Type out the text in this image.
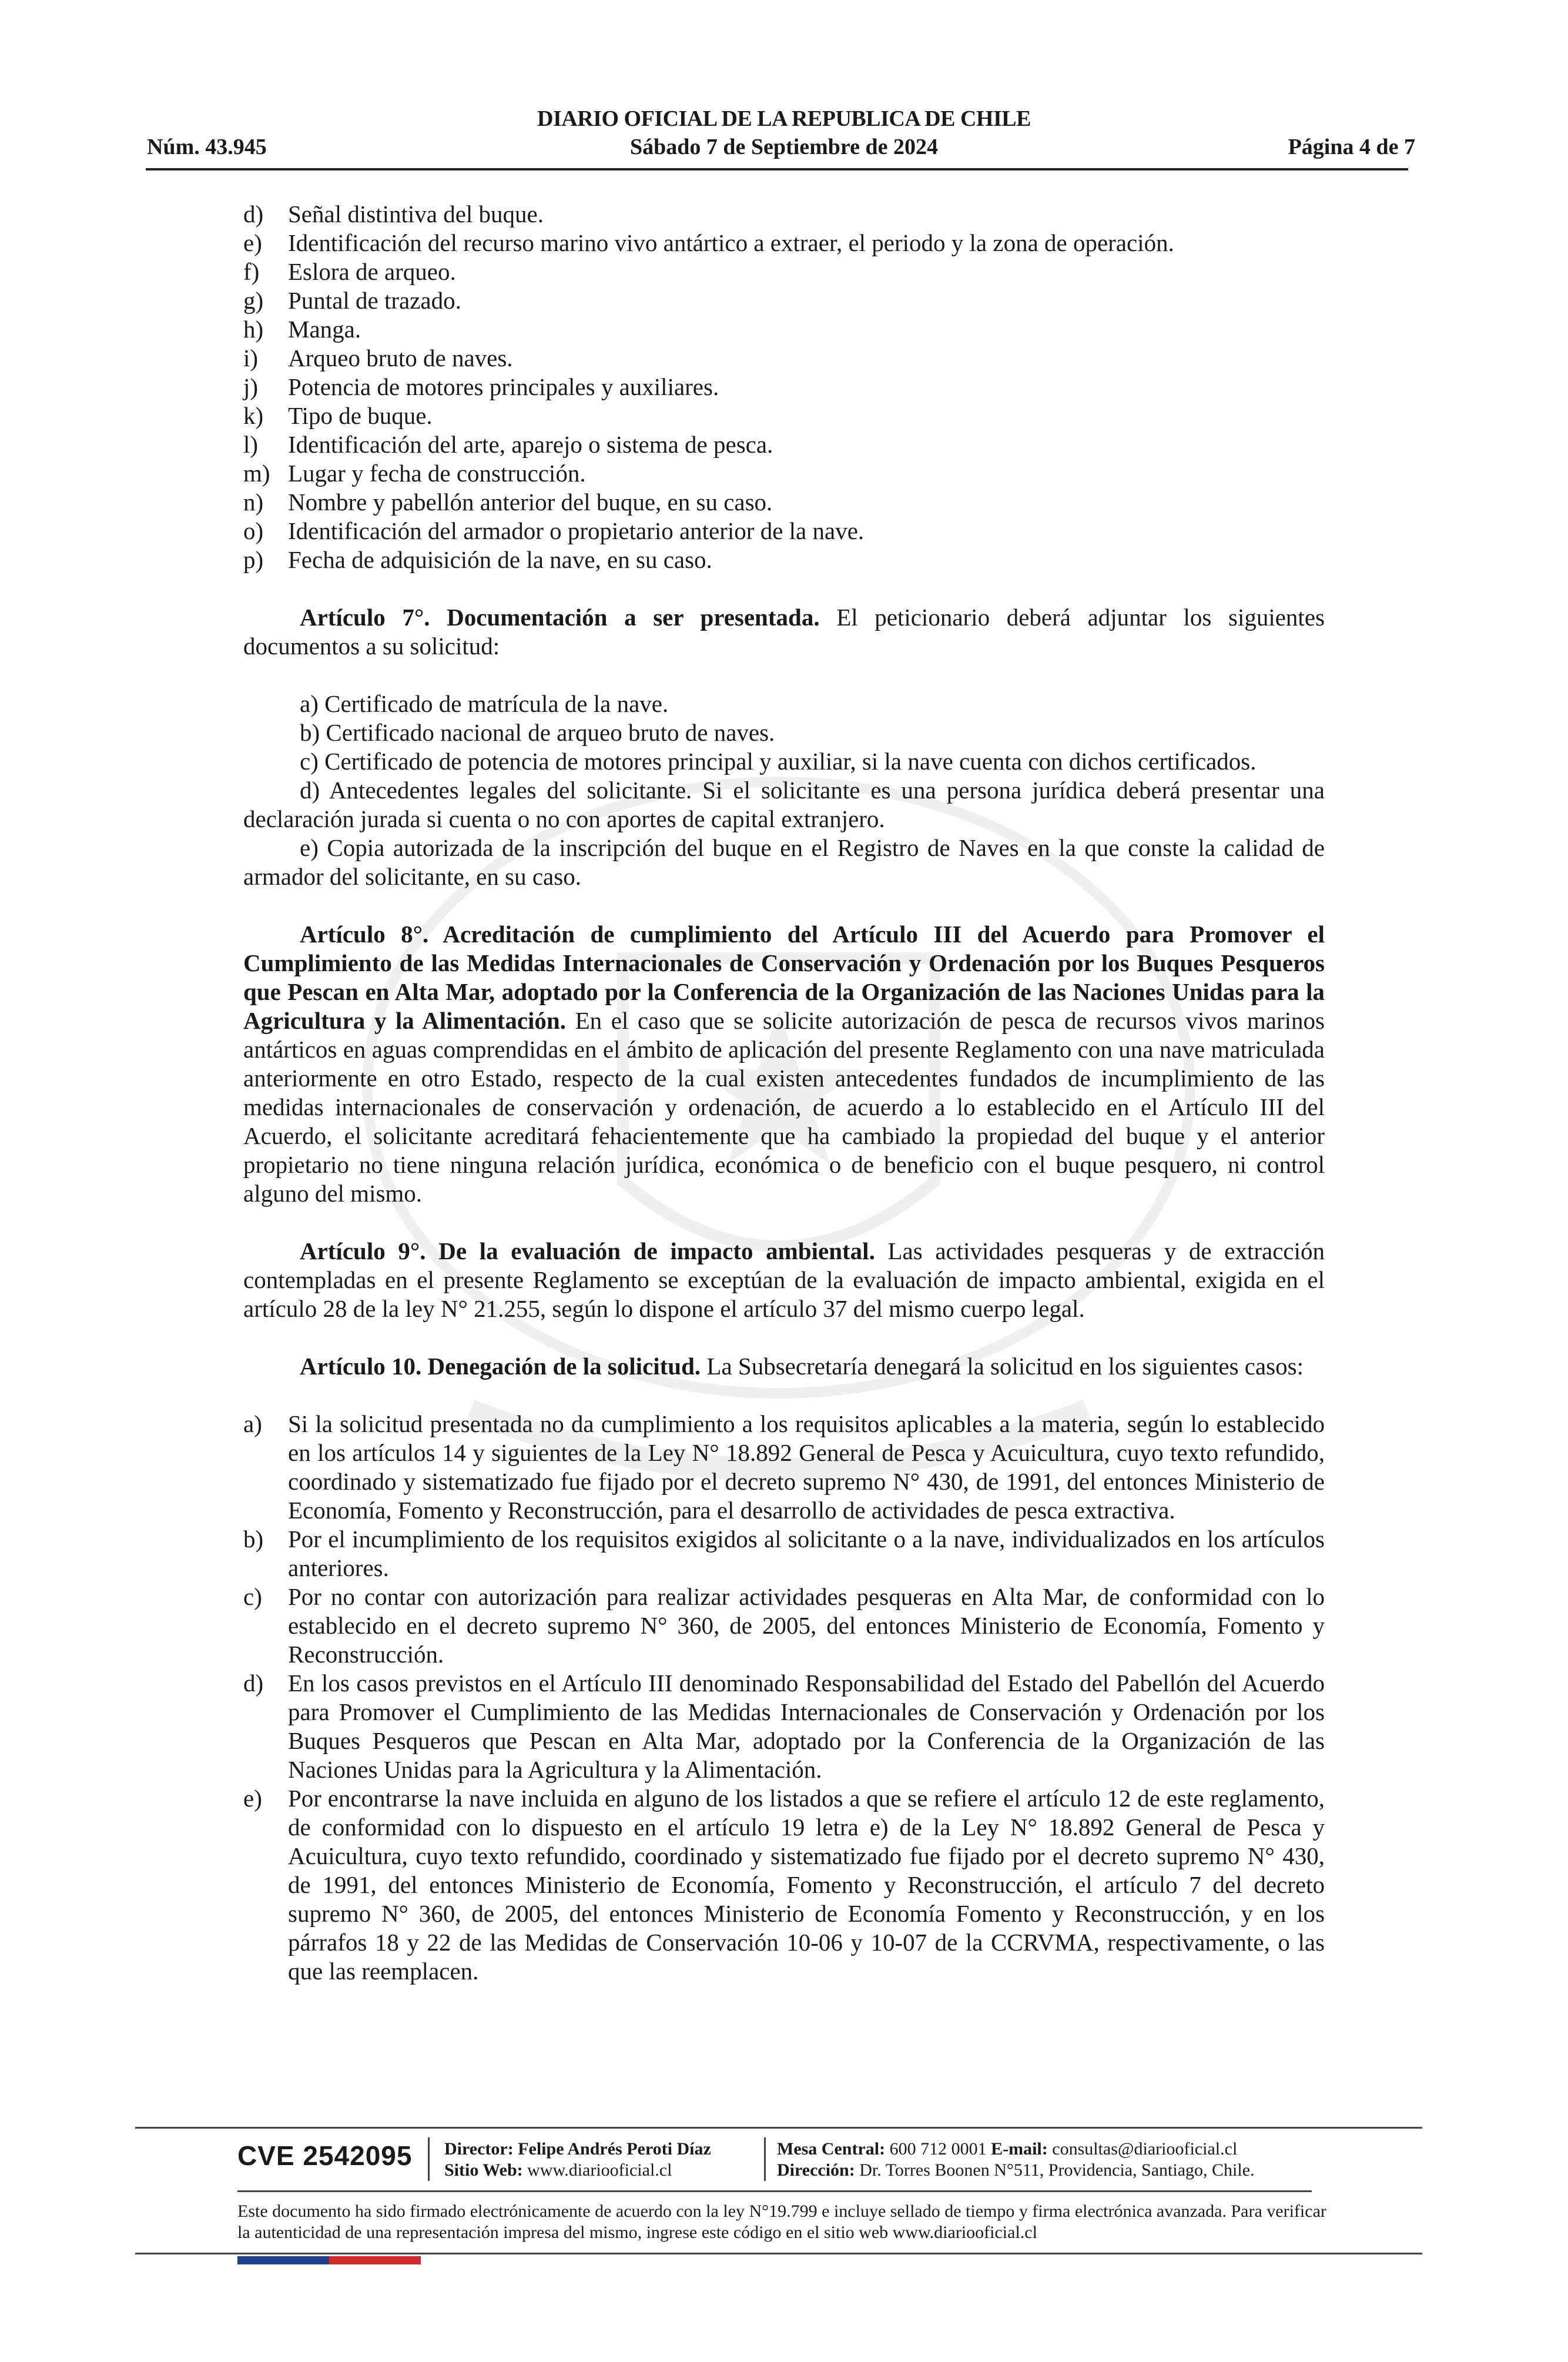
DIARIO OFICIAL DE LA REPUBLICA DE CHILE
Núm. 43.945	Sábado 7 de Septiembre de 2024	Página 4 de 7
d)	Señal distintiva del buque.
e)	Identificación del recurso marino vivo antártico a extraer, el periodo y la zona de operación.
f)	Eslora de arqueo.
g)	Puntal de trazado.
h)	Manga.
i)	Arqueo bruto de naves.
j)	Potencia de motores principales y auxiliares.
k)	Tipo de buque.
l)	Identificación del arte, aparejo o sistema de pesca.
m) Lugar y fecha de construcción.
n)	Nombre y pabellón anterior del buque, en su caso.
o)	Identificación del armador o propietario anterior de la nave.
p)	Fecha de adquisición de la nave, en su caso.
Artículo 7°. Documentación a ser presentada. El peticionario deberá adjuntar los siguientes documentos a su solicitud:
a) Certificado de matrícula de la nave.
b) Certificado nacional de arqueo bruto de naves.
c) Certificado de potencia de motores principal y auxiliar, si la nave cuenta con dichos certificados.
d) Antecedentes legales del solicitante. Si el solicitante es una persona jurídica deberá presentar una declaración jurada si cuenta o no con aportes de capital extranjero.
e) Copia autorizada de la inscripción del buque en el Registro de Naves en la que conste la calidad de armador del solicitante, en su caso.
Artículo 8°. Acreditación de cumplimiento del Artículo III del Acuerdo para Promover el Cumplimiento de las Medidas Internacionales de Conservación y Ordenación por los Buques Pesqueros que Pescan en Alta Mar, adoptado por la Conferencia de la Organización de las Naciones Unidas para la Agricultura y la Alimentación. En el caso que se solicite autorización de pesca de recursos vivos marinos antárticos en aguas comprendidas en el ámbito de aplicación del presente Reglamento con una nave matriculada anteriormente en otro Estado, respecto de la cual existen antecedentes fundados de incumplimiento de las medidas internacionales de conservación y ordenación, de acuerdo a lo establecido en el Artículo III del Acuerdo, el solicitante acreditará fehacientemente que ha cambiado la propiedad del buque y el anterior propietario no tiene ninguna relación jurídica, económica o de beneficio con el buque pesquero, ni control alguno del mismo.
Artículo 9°. De la evaluación de impacto ambiental. Las actividades pesqueras y de extracción contempladas en el presente Reglamento se exceptúan de la evaluación de impacto ambiental, exigida en el artículo 28 de la ley N° 21.255, según lo dispone el artículo 37 del mismo cuerpo legal.
Artículo 10. Denegación de la solicitud. La Subsecretaría denegará la solicitud en los siguientes casos:
a)	Si la solicitud presentada no da cumplimiento a los requisitos aplicables a la materia, según lo establecido en los artículos 14 y siguientes de la Ley N° 18.892 General de Pesca y Acuicultura, cuyo texto refundido, coordinado y sistematizado fue fijado por el decreto supremo N° 430, de 1991, del entonces Ministerio de Economía, Fomento y Reconstrucción, para el desarrollo de actividades de pesca extractiva.
b)	Por el incumplimiento de los requisitos exigidos al solicitante o a la nave, individualizados en los artículos anteriores.
c)	Por no contar con autorización para realizar actividades pesqueras en Alta Mar, de conformidad con lo establecido en el decreto supremo N° 360, de 2005, del entonces Ministerio de Economía, Fomento y Reconstrucción.
d)	En los casos previstos en el Artículo III denominado Responsabilidad del Estado del Pabellón del Acuerdo para Promover el Cumplimiento de las Medidas Internacionales de Conservación y Ordenación por los Buques Pesqueros que Pescan en Alta Mar, adoptado por la Conferencia de la Organización de las Naciones Unidas para la Agricultura y la Alimentación.
e)	Por encontrarse la nave incluida en alguno de los listados a que se refiere el artículo 12 de este reglamento, de conformidad con lo dispuesto en el artículo 19 letra e) de la Ley N° 18.892 General de Pesca y Acuicultura, cuyo texto refundido, coordinado y sistematizado fue fijado por el decreto supremo N° 430, de 1991, del entonces Ministerio de Economía, Fomento y Reconstrucción, el artículo 7 del decreto supremo N° 360, de 2005, del entonces Ministerio de Economía Fomento y Reconstrucción, y en los párrafos 18 y 22 de las Medidas de Conservación 10-06 y 10-07 de la CCRVMA, respectivamente, o las que las reemplacen.
CVE 2542095 Director: Felipe Andrés Peroti Díaz
Sitio Web: www.diariooficial.cl
Mesa Central: 600 712 0001 E-mail: consultas@diariooficial.cl
Dirección: Dr. Torres Boonen N°511, Providencia, Santiago, Chile.
Este documento ha sido firmado electrónicamente de acuerdo con la ley N°19.799 e incluye sellado de tiempo y firma electrónica avanzada. Para verificar la autenticidad de una representación impresa del mismo, ingrese este código en el sitio web www.diariooficial.cl
